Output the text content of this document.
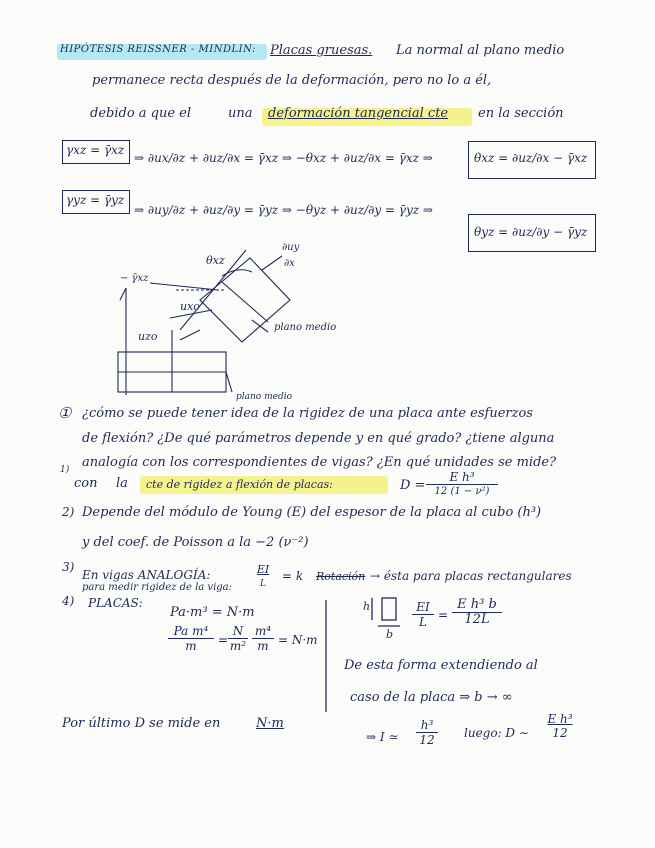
HIPÓTESIS REISSNER - MINDLIN: Placas gruesas. La normal al plano medio
permanece recta después de la deformación, pero no lo a él,
debido a que el	una deformación tangencial cte en la sección
γxz = γ̄xz
⇒ ∂ux/∂z + ∂uz/∂x = γ̄xz ⇒ −θxz + ∂uz/∂x = γ̄xz ⇒	θxz = ∂uz/∂x − γ̄xz
γyz = γ̄yz
⇒ ∂uy/∂z + ∂uz/∂y = γ̄yz ⇒ −θyz + ∂uz/∂y = γ̄yz ⇒
θyz = ∂uz/∂y − γ̄yz
− γ̄xz
θxz
∂uy
∂x
uxo
uzo
plano medio
plano medio
① ¿cómo se puede tener idea de la rigidez de una placa ante esfuerzos
de flexión? ¿De qué parámetros depende y en qué grado? ¿tiene alguna
analogía con los correspondientes de vigas? ¿En qué unidades se mide?
1)
con la cte de rigidez a flexión de placas:	D =
E h³
12 (1 − ν²)
2) Depende del módulo de Young (E) del espesor de la placa al cubo (h³)
y del coef. de Poisson a la −2 (ν⁻²)
3)
En vigas ANALOGÍA:	EI
L
= k Rotación → ésta para placas rectangulares
para medir rigidez de la viga:
4) PLACAS:
Pa·m³ = N·m
$\frac{\text{Pa m⁴}}{m} = \frac{N}{\text{m²}} \frac{\text{m⁴}}{m} = N\cdot m$
h
b
$\frac{EI}{L} = \frac{\text{E h³ b}}{12L}$
De esta forma extendiendo al
caso de la placa ⇒ b → ∞
⇒ I ≃ $\frac{\text{h³}}{12}$ luego: D ∼ $\frac{\text{E h³}}{12}$
Por último D se mide en	N·m
